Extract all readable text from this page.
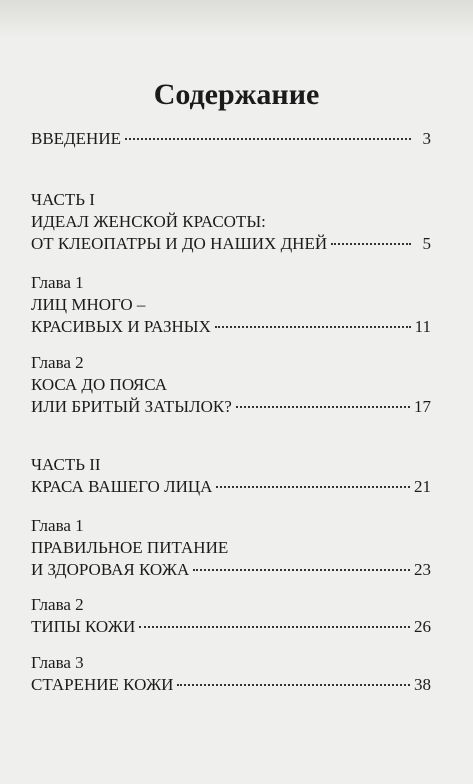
Содержание
ВВЕДЕНИЕ	3
ЧАСТЬ I
ИДЕАЛ ЖЕНСКОЙ КРАСОТЫ:
ОТ КЛЕОПАТРЫ И ДО НАШИХ ДНЕЙ	5
Глава 1
ЛИЦ МНОГО –
КРАСИВЫХ И РАЗНЫХ	11
Глава 2
КОСА ДО ПОЯСА
ИЛИ БРИТЫЙ ЗАТЫЛОК?	17
ЧАСТЬ II
КРАСА ВАШЕГО ЛИЦА	21
Глава 1
ПРАВИЛЬНОЕ ПИТАНИЕ
И ЗДОРОВАЯ КОЖА	23
Глава 2
ТИПЫ КОЖИ	26
Глава 3
СТАРЕНИЕ КОЖИ	38
